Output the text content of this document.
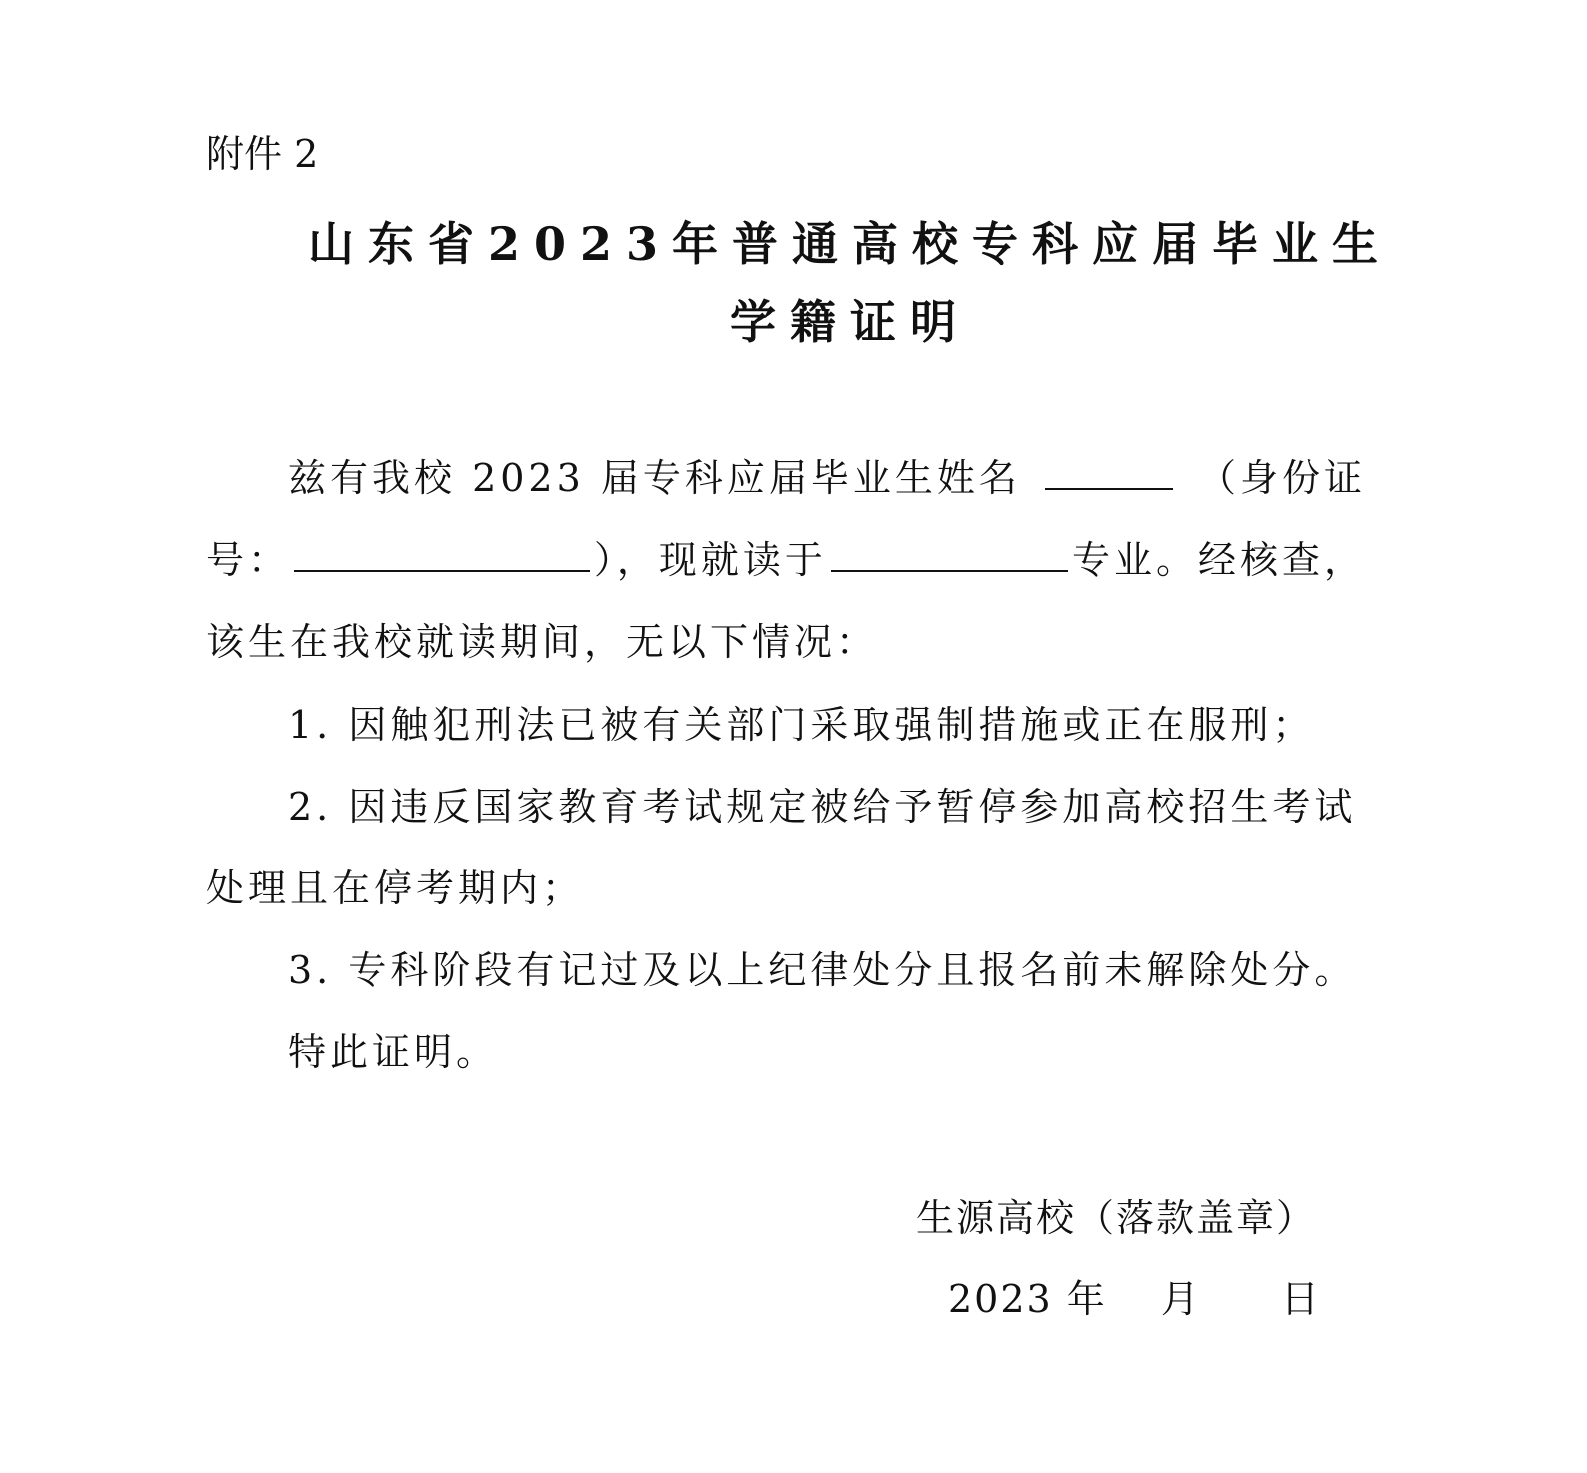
附件 2
山东省2023年普通高校专科应届毕业生
学籍证明
兹有我校 2023 届专科应届毕业生姓名	（身份证
号：	），现就读于	专业。经核查，
该生在我校就读期间，无以下情况：
1. 因触犯刑法已被有关部门采取强制措施或正在服刑；
2. 因违反国家教育考试规定被给予暂停参加高校招生考试
处理且在停考期内；
3. 专科阶段有记过及以上纪律处分且报名前未解除处分。
特此证明。
生源高校（落款盖章）
2023 年　 月　　日
